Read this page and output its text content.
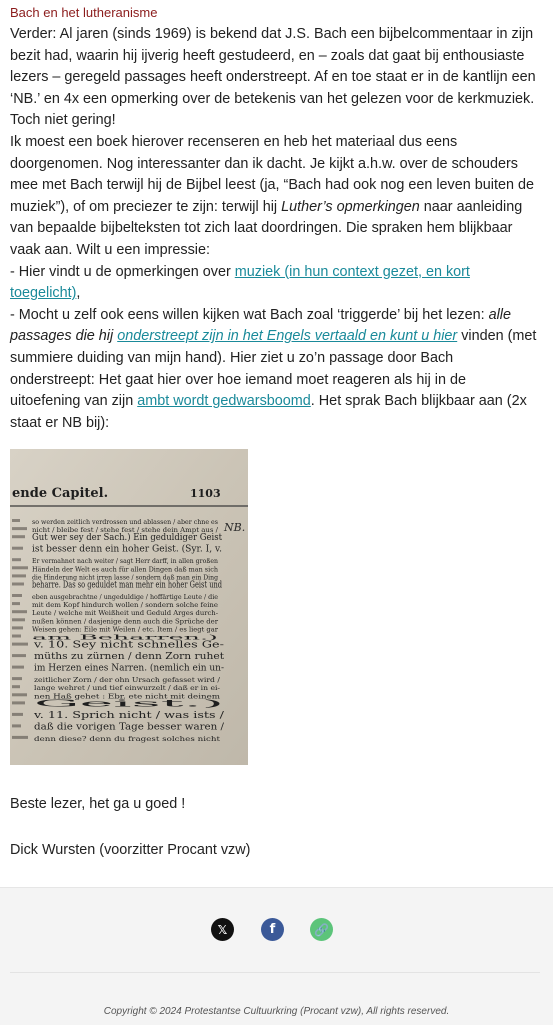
Bach en het lutheranisme

Verder: Al jaren (sinds 1969) is bekend dat J.S. Bach een bijbelcommentaar in zijn bezit had, waarin hij ijverig heeft gestudeerd, en – zoals dat gaat bij enthousiaste lezers – geregeld passages heeft onderstreept. Af en toe staat er in de kantlijn een ‘NB.’ en 4x een opmerking over de betekenis van het gelezen voor de kerkmuziek. Toch niet gering!

Ik moest een boek hierover recenseren en heb het materiaal dus eens doorgenomen. Nog interessanter dan ik dacht. Je kijkt a.h.w. over de schouders mee met Bach terwijl hij de Bijbel leest (ja, “Bach had ook nog een leven buiten de muziek”), of om preciezer te zijn: terwijl hij Luther’s opmerkingen naar aanleiding van bepaalde bijbelteksten tot zich laat doordringen. Die spraken hem blijkbaar vaak aan. Wilt u een impressie:

- Hier vindt u de opmerkingen over muziek (in hun context gezet, en kort toegelicht),

- Mocht u zelf ook eens willen kijken wat Bach zoal ‘triggerde’ bij het lezen: alle passages die hij onderstreept zijn in het Engels vertaald en kunt u hier vinden (met summiere duiding van mijn hand). Hier ziet u zo’n passage door Bach onderstreept: Het gaat hier over hoe iemand moet reageren als hij in de uitoefening van zijn ambt wordt gedwarsboomd. Het sprak Bach blijkbaar aan (2x staat er NB bij):

ende Capitel.	1103
NB.
so werden zeitlich verdrossen und ablassen / aber chne es
nicht / bleibe fest / stehe fest / stehe dein Ampt aus /
Gut wer sey der Sach.) Ein geduldiger Geist
ist besser denn ein hoher Geist. (Syr. I, v.
Er vermahnet nach weiter / sagt Herr darff, in allen großen
Händeln der Welt es auch für allen Dingen daß man sich
die Hinderung nicht irren lasse / sondern daß man ein Ding
beharre. Das so geduldet man mehr ein hoher Geist und
eben ausgebrachtne / ungeduldige / hoffärtige Leute / die
mit dem Kopf hindurch wollen / sondern solche feine
Leute / welche mit Weißheit und Geduld Arges durch-
nußen können / dasjenige denn auch die Sprüche der
Weisen gehen: Eile mit Weilen / etc. Item / es liegt gar
am Beharren.)
v. 10. Sey nicht schnelles Ge-
müths zu zürnen / denn Zorn ruhet
im Herzen eines Narren. (nemlich ein un-
zeitlicher Zorn / der ohn Ursach gefasset wird /
lange wehret / und tief einwurzelt / daß er in ei-
nen Haß gehet : Ebr. ete nicht mit deinem
Geist.)
v. 11. Sprich nicht / was ists /
daß die vorigen Tage besser waren /
denn diese? denn du fragest solches nicht
Beste lezer, het ga u goed !
Dick Wursten (voorzitter Procant vzw)
𝕏	f	🔗
Copyright © 2024 Protestantse Cultuurkring (Procant vzw), All rights reserved.
